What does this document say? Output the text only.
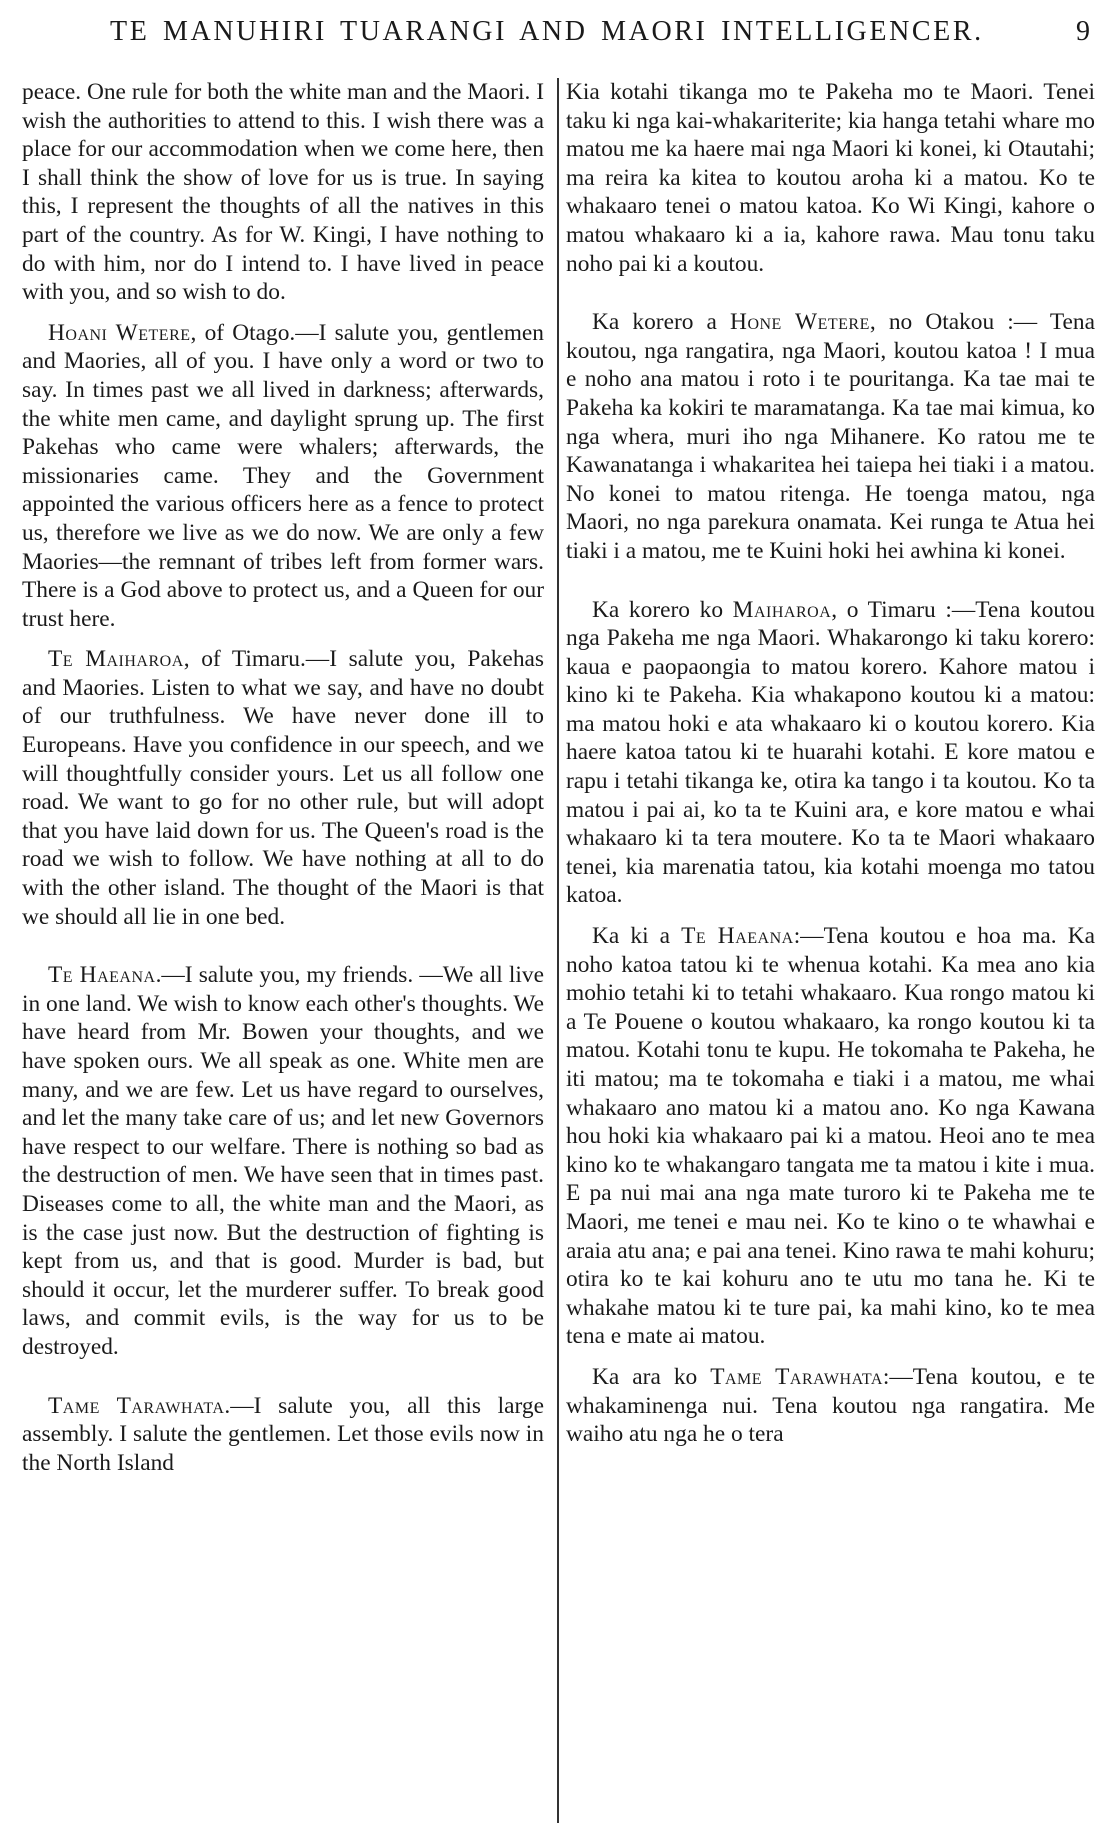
TE MANUHIRI TUARANGI AND MAORI INTELLIGENCER.	9

peace. One rule for both the white man and the Maori. I wish the authorities to attend to this. I wish there was a place for our accommodation when we come here, then I shall think the show of love for us is true. In saying this, I represent the thoughts of all the natives in this part of the country. As for W. Kingi, I have nothing to do with him, nor do I intend to. I have lived in peace with you, and so wish to do.

Hoani Wetere, of Otago.—I salute you, gentlemen and Maories, all of you. I have only a word or two to say. In times past we all lived in darkness; afterwards, the white men came, and daylight sprung up. The first Pakehas who came were whalers; afterwards, the missionaries came. They and the Government appointed the various officers here as a fence to protect us, therefore we live as we do now. We are only a few Maories—the remnant of tribes left from former wars. There is a God above to protect us, and a Queen for our trust here.

Te Maiharoa, of Timaru.—I salute you, Pakehas and Maories. Listen to what we say, and have no doubt of our truthfulness. We have never done ill to Europeans. Have you confidence in our speech, and we will thoughtfully consider yours. Let us all follow one road. We want to go for no other rule, but will adopt that you have laid down for us. The Queen's road is the road we wish to follow. We have nothing at all to do with the other island. The thought of the Maori is that we should all lie in one bed.

Te Haeana.—I salute you, my friends. —We all live in one land. We wish to know each other's thoughts. We have heard from Mr. Bowen your thoughts, and we have spoken ours. We all speak as one. White men are many, and we are few. Let us have regard to ourselves, and let the many take care of us; and let new Governors have respect to our welfare. There is nothing so bad as the destruction of men. We have seen that in times past. Diseases come to all, the white man and the Maori, as is the case just now. But the destruction of fighting is kept from us, and that is good. Murder is bad, but should it occur, let the murderer suffer. To break good laws, and commit evils, is the way for us to be destroyed.

Tame Tarawhata.—I salute you, all this large assembly. I salute the gentlemen. Let those evils now in the North Island

Kia kotahi tikanga mo te Pakeha mo te Maori. Tenei taku ki nga kai-whakariterite; kia hanga tetahi whare mo matou me ka haere mai nga Maori ki konei, ki Otautahi; ma reira ka kitea to koutou aroha ki a matou. Ko te whakaaro tenei o matou katoa. Ko Wi Kingi, kahore o matou whakaaro ki a ia, kahore rawa. Mau tonu taku noho pai ki a koutou.

Ka korero a Hone Wetere, no Otakou :— Tena koutou, nga rangatira, nga Maori, koutou katoa ! I mua e noho ana matou i roto i te pouritanga. Ka tae mai te Pakeha ka kokiri te maramatanga. Ka tae mai kimua, ko nga whera, muri iho nga Mihanere. Ko ratou me te Kawanatanga i whakaritea hei taiepa hei tiaki i a matou. No konei to matou ritenga. He toenga matou, nga Maori, no nga parekura onamata. Kei runga te Atua hei tiaki i a matou, me te Kuini hoki hei awhina ki konei.

Ka korero ko Maiharoa, o Timaru :—Tena koutou nga Pakeha me nga Maori. Whakarongo ki taku korero: kaua e paopaongia to matou korero. Kahore matou i kino ki te Pakeha. Kia whakapono koutou ki a matou: ma matou hoki e ata whakaaro ki o koutou korero. Kia haere katoa tatou ki te huarahi kotahi. E kore matou e rapu i tetahi tikanga ke, otira ka tango i ta koutou. Ko ta matou i pai ai, ko ta te Kuini ara, e kore matou e whai whakaaro ki ta tera moutere. Ko ta te Maori whakaaro tenei, kia marenatia tatou, kia kotahi moenga mo tatou katoa.

Ka ki a Te Haeana:—Tena koutou e hoa ma. Ka noho katoa tatou ki te whenua kotahi. Ka mea ano kia mohio tetahi ki to tetahi whakaaro. Kua rongo matou ki a Te Pouene o koutou whakaaro, ka rongo koutou ki ta matou. Kotahi tonu te kupu. He tokomaha te Pakeha, he iti matou; ma te tokomaha e tiaki i a matou, me whai whakaaro ano matou ki a matou ano. Ko nga Kawana hou hoki kia whakaaro pai ki a matou. Heoi ano te mea kino ko te whakangaro tangata me ta matou i kite i mua. E pa nui mai ana nga mate turoro ki te Pakeha me te Maori, me tenei e mau nei. Ko te kino o te whawhai e araia atu ana; e pai ana tenei. Kino rawa te mahi kohuru; otira ko te kai kohuru ano te utu mo tana he. Ki te whakahe matou ki te ture pai, ka mahi kino, ko te mea tena e mate ai matou.

Ka ara ko Tame Tarawhata:—Tena koutou, e te whakaminenga nui. Tena koutou nga rangatira. Me waiho atu nga he o tera
